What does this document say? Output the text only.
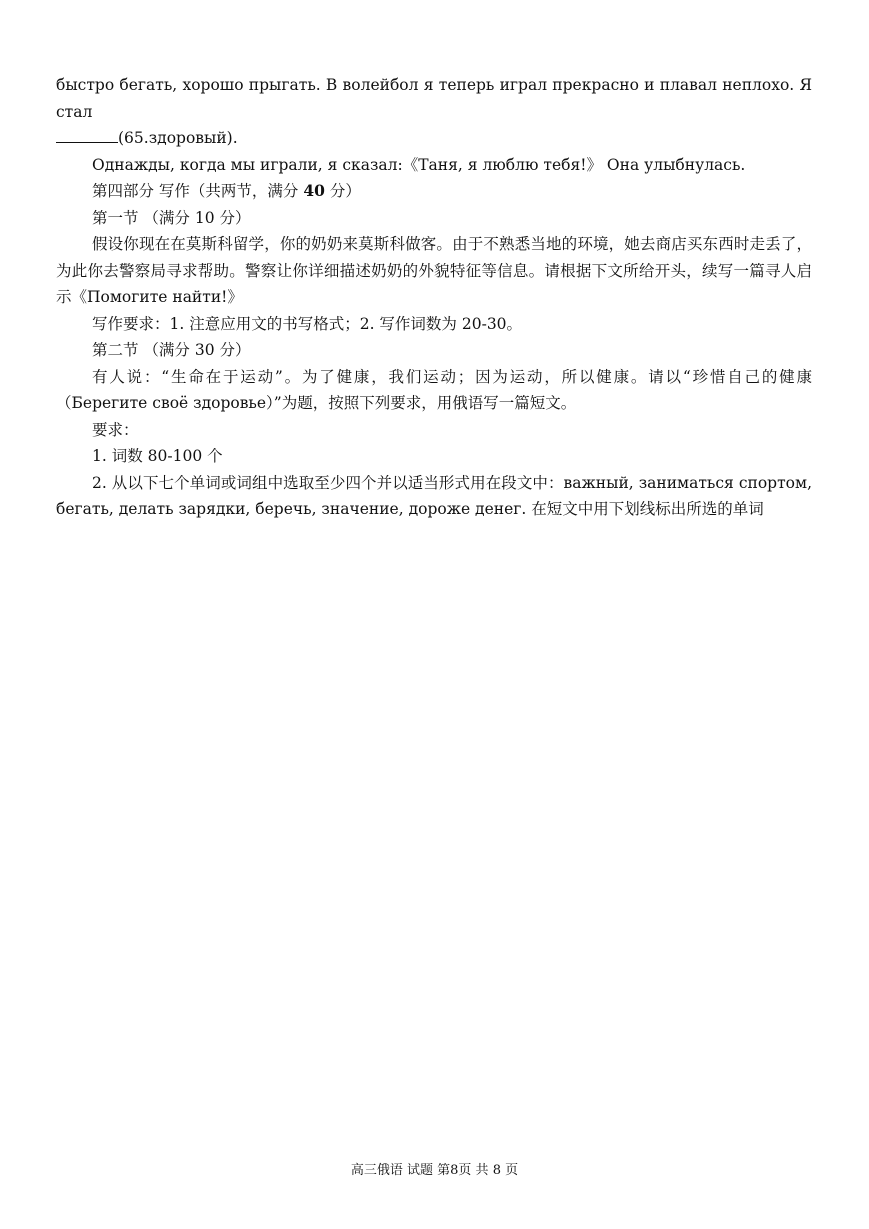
быстро бегать, хорошо прыгать. В волейбол я теперь играл прекрасно и плавал неплохо. Я стал

(65.здоровый).

Однажды, когда мы играли, я сказал:《Таня, я люблю тебя!》 Она улыбнулась.

第四部分 写作（共两节，满分 40 分）

第一节 （满分 10 分）

假设你现在在莫斯科留学，你的奶奶来莫斯科做客。由于不熟悉当地的环境，她去商店买东西时走丢了，为此你去警察局寻求帮助。警察让你详细描述奶奶的外貌特征等信息。请根据下文所给开头，续写一篇寻人启示《Помогите найти!》

写作要求：1. 注意应用文的书写格式；2. 写作词数为 20-30。

第二节 （满分 30 分）

有人说：“生命在于运动”。为了健康，我们运动；因为运动，所以健康。请以“珍惜自己的健康（Берегите своё здоровье）”为题，按照下列要求，用俄语写一篇短文。

要求：

1. 词数 80-100 个

2. 从以下七个单词或词组中选取至少四个并以适当形式用在段文中：важный, заниматься спортом, бегать, делать зарядки, беречь, значение, дороже денег. 在短文中用下划线标出所选的单词

高三俄语 试题 第8页 共 8 页
